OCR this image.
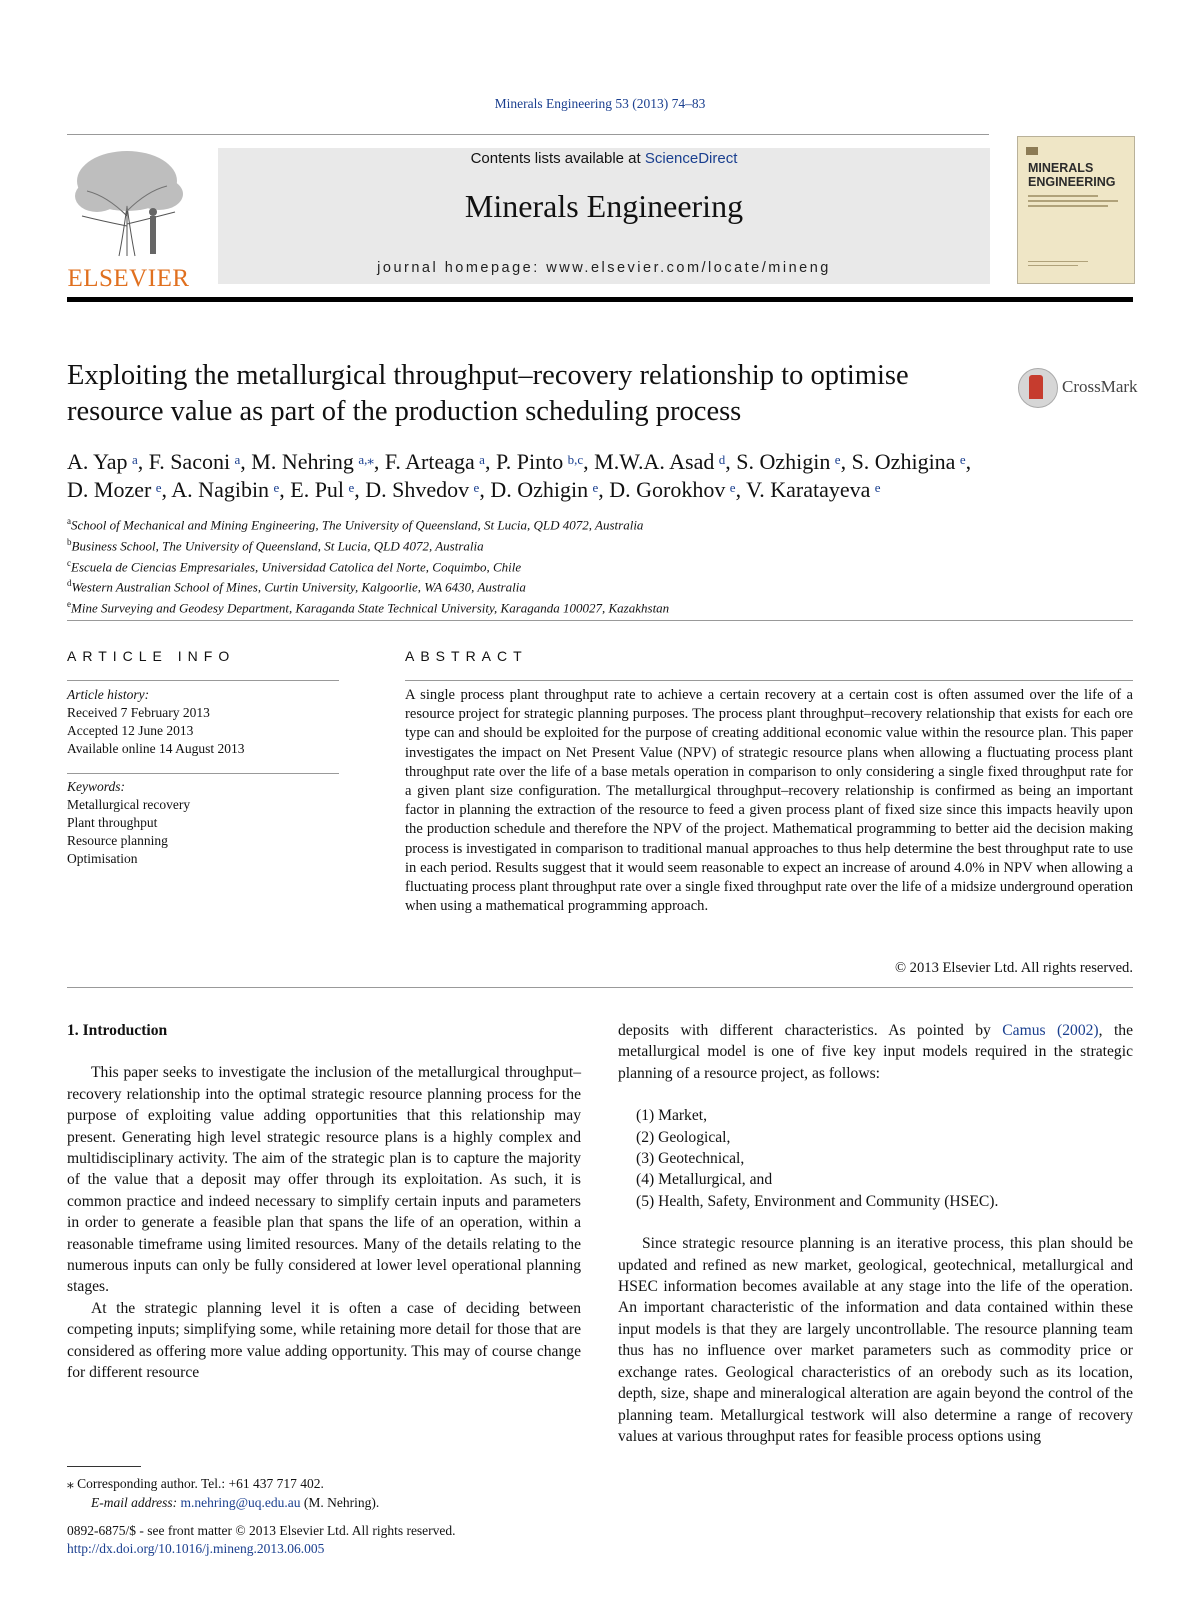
Minerals Engineering 53 (2013) 74–83
ELSEVIER
Contents lists available at ScienceDirect
Minerals Engineering
journal homepage: www.elsevier.com/locate/mineng
MINERALS ENGINEERING
Exploiting the metallurgical throughput–recovery relationship to optimise resource value as part of the production scheduling process
CrossMark
A. Yap  $^a$, F. Saconi  $^a$, M. Nehring  $^{a,⁎}$, F. Arteaga  $^a$, P. Pinto  $^{b,c}$, M.W.A. Asad  $^d$, S. Ozhigin  $^e$, S. Ozhigina  $^e$,
D. Mozer  $^e$, A. Nagibin  $^e$, E. Pul  $^e$, D. Shvedov  $^e$, D. Ozhigin  $^e$, D. Gorokhov  $^e$, V. Karatayeva  $^e$
$^a$School of Mechanical and Mining Engineering, The University of Queensland, St Lucia, QLD 4072, Australia
$^b$Business School, The University of Queensland, St Lucia, QLD 4072, Australia
$^c$Escuela de Ciencias Empresariales, Universidad Catolica del Norte, Coquimbo, Chile
$^d$Western Australian School of Mines, Curtin University, Kalgoorlie, WA 6430, Australia
$^e$Mine Surveying and Geodesy Department, Karaganda State Technical University, Karaganda 100027, Kazakhstan
ARTICLE INFO
Article history:
Received 7 February 2013
Accepted 12 June 2013
Available online 14 August 2013
Keywords:
Metallurgical recovery
Plant throughput
Resource planning
Optimisation
ABSTRACT
A single process plant throughput rate to achieve a certain recovery at a certain cost is often assumed over the life of a resource project for strategic planning purposes. The process plant throughput–recovery relationship that exists for each ore type can and should be exploited for the purpose of creating additional economic value within the resource plan. This paper investigates the impact on Net Present Value (NPV) of strategic resource plans when allowing a fluctuating process plant throughput rate over the life of a base metals operation in comparison to only considering a single fixed throughput rate for a given plant size configuration. The metallurgical throughput–recovery relationship is confirmed as being an important factor in planning the extraction of the resource to feed a given process plant of fixed size since this impacts heavily upon the production schedule and therefore the NPV of the project. Mathematical programming to better aid the decision making process is investigated in comparison to traditional manual approaches to thus help determine the best throughput rate to use in each period. Results suggest that it would seem reasonable to expect an increase of around 4.0% in NPV when allowing a fluctuating process plant throughput rate over a single fixed throughput rate over the life of a midsize underground operation when using a mathematical programming approach.
© 2013 Elsevier Ltd. All rights reserved.

1. Introduction

This paper seeks to investigate the inclusion of the metallurgical throughput–recovery relationship into the optimal strategic resource planning process for the purpose of exploiting value adding opportunities that this relationship may present. Generating high level strategic resource plans is a highly complex and multidisciplinary activity. The aim of the strategic plan is to capture the majority of the value that a deposit may offer through its exploitation. As such, it is common practice and indeed necessary to simplify certain inputs and parameters in order to generate a feasible plan that spans the life of an operation, within a reasonable timeframe using limited resources. Many of the details relating to the numerous inputs can only be fully considered at lower level operational planning stages.

At the strategic planning level it is often a case of deciding between competing inputs; simplifying some, while retaining more detail for those that are considered as offering more value adding opportunity. This may of course change for different resource

deposits with different characteristics. As pointed by Camus (2002), the metallurgical model is one of five key input models required in the strategic planning of a resource project, as follows:

(1) Market,
(2) Geological,
(3) Geotechnical,
(4) Metallurgical, and
(5) Health, Safety, Environment and Community (HSEC).

Since strategic resource planning is an iterative process, this plan should be updated and refined as new market, geological, geotechnical, metallurgical and HSEC information becomes available at any stage into the life of the operation. An important characteristic of the information and data contained within these input models is that they are largely uncontrollable. The resource planning team thus has no influence over market parameters such as commodity price or exchange rates. Geological characteristics of an orebody such as its location, depth, size, shape and mineralogical alteration are again beyond the control of the planning team. Metallurgical testwork will also determine a range of recovery values at various throughput rates for feasible process options using

⁎ Corresponding author. Tel.: +61 437 717 402.
E-mail address: m.nehring@uq.edu.au (M. Nehring).
0892-6875/$ - see front matter © 2013 Elsevier Ltd. All rights reserved.
http://dx.doi.org/10.1016/j.mineng.2013.06.005
